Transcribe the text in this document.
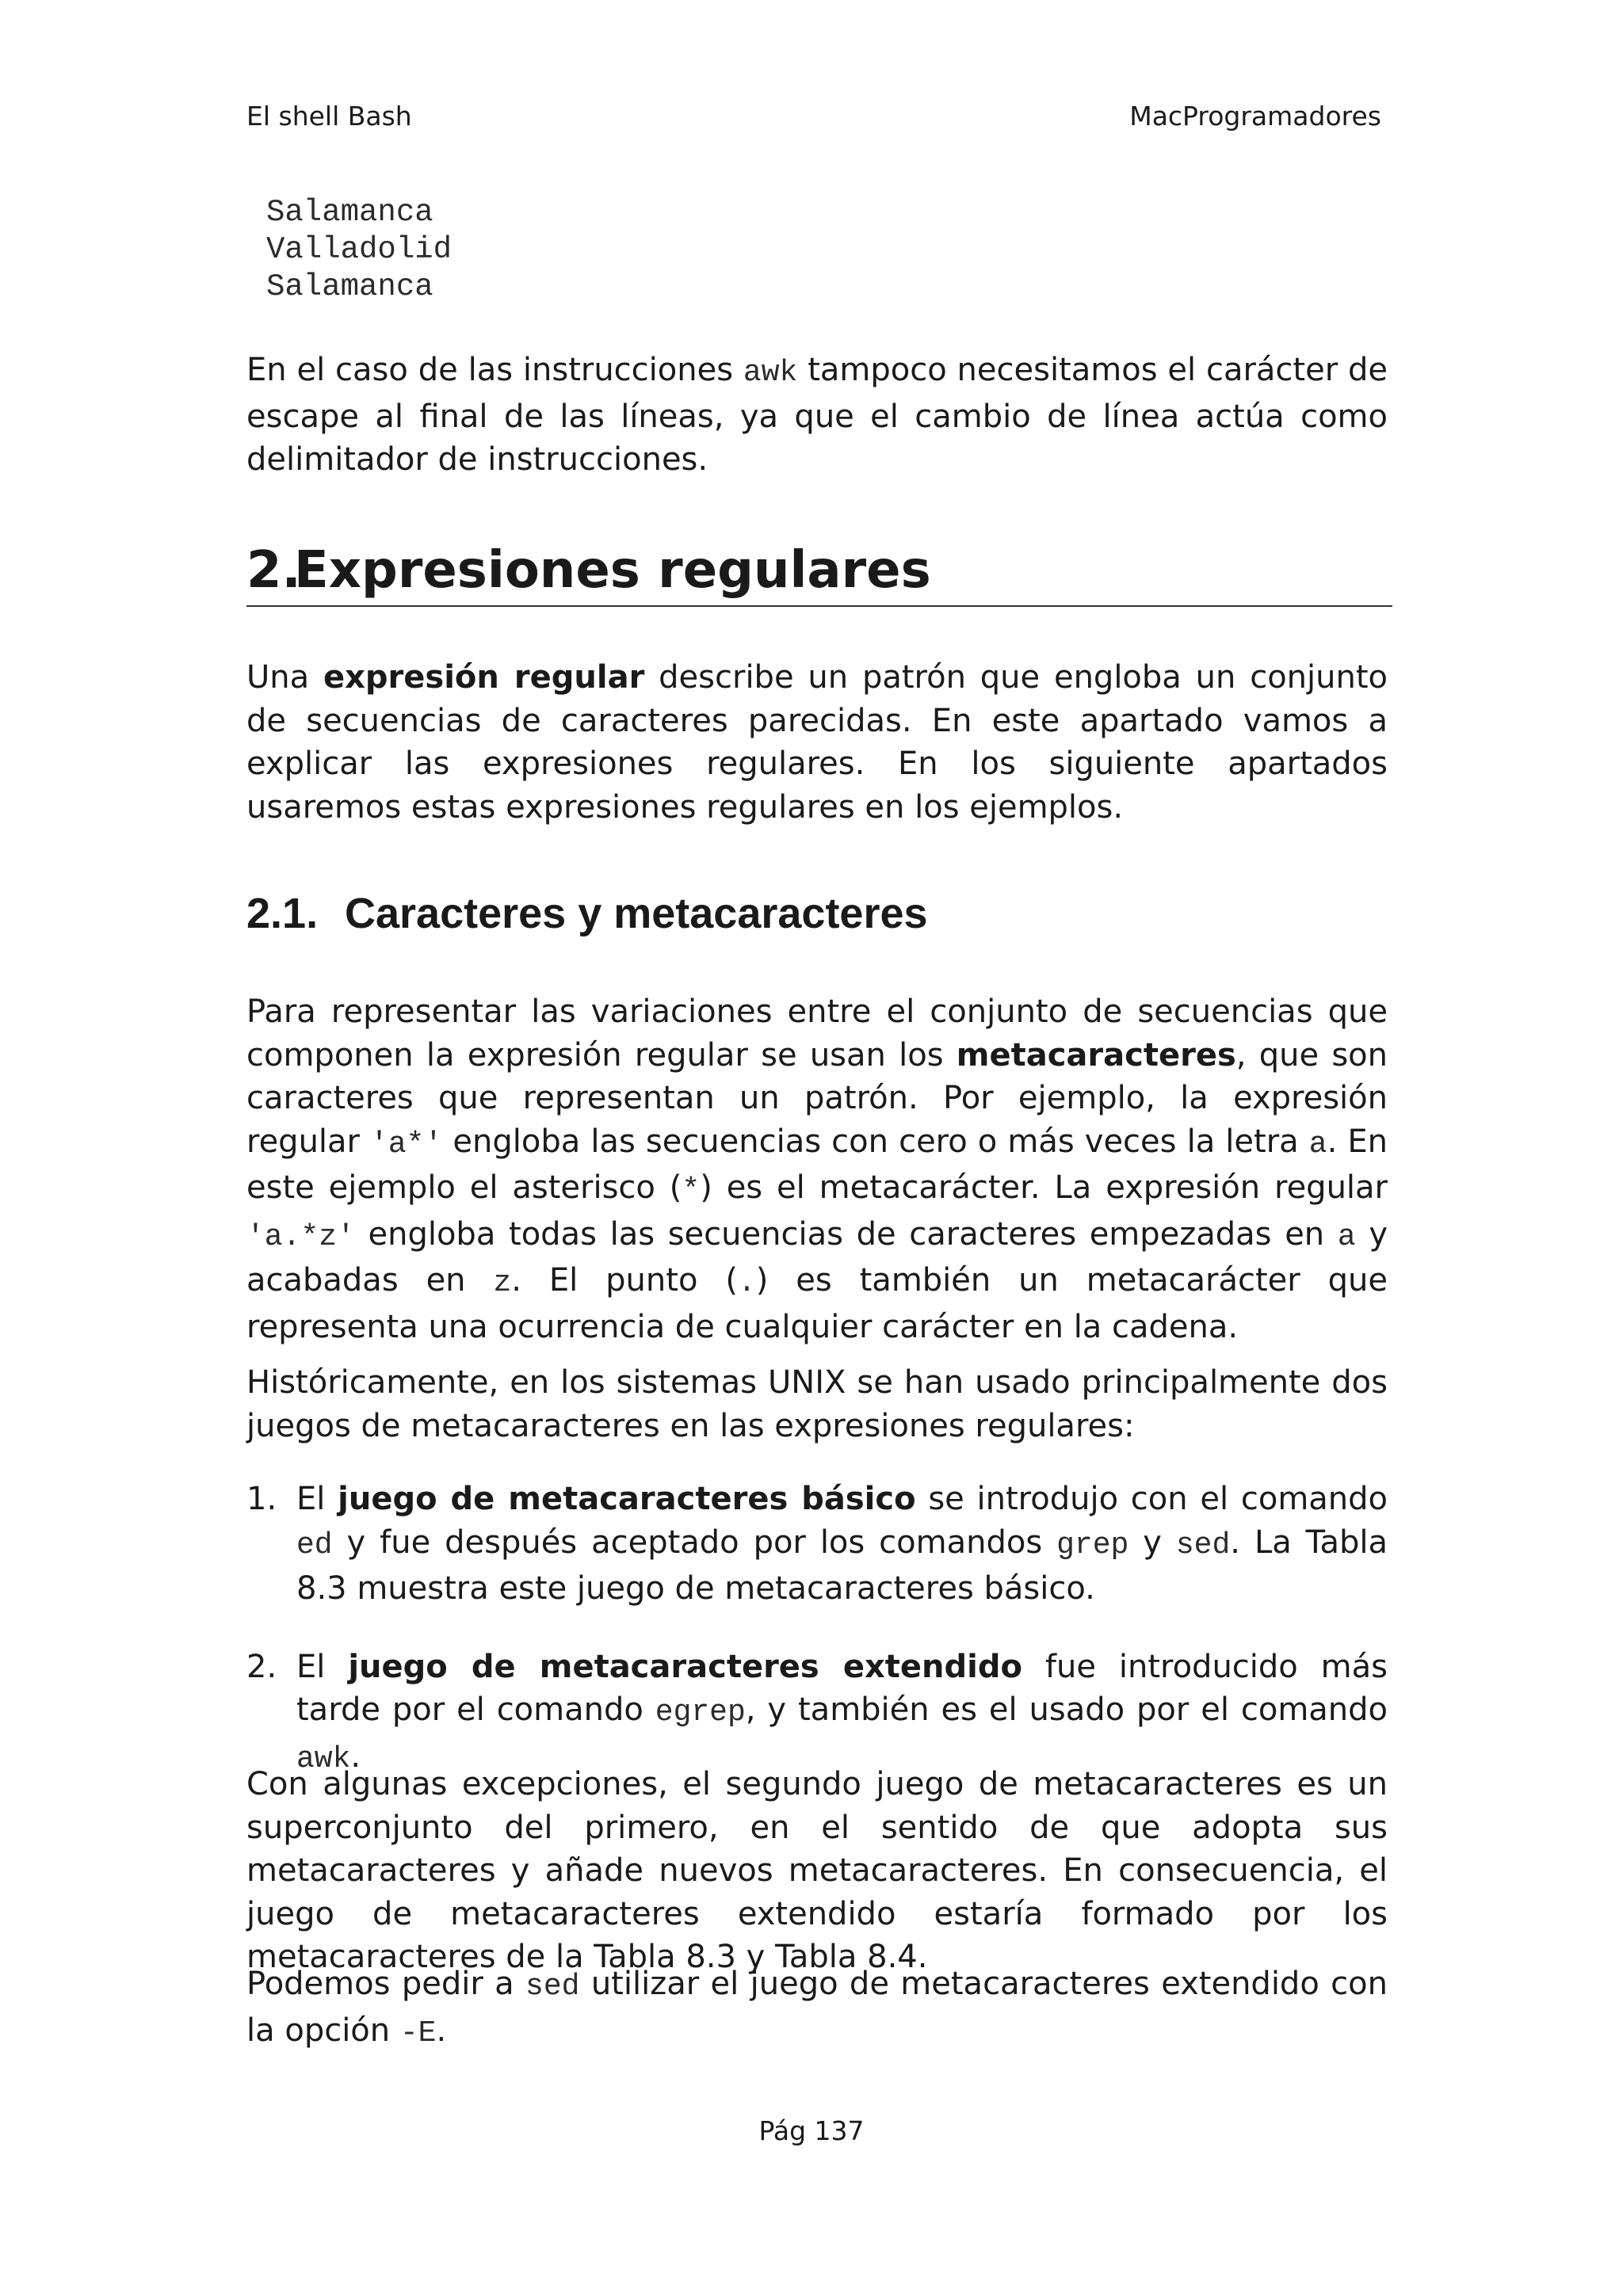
El shell Bash	MacProgramadores
Salamanca
Valladolid
Salamanca

En el caso de las instrucciones awk tampoco necesitamos el carácter de escape al final de las líneas, ya que el cambio de línea actúa como delimitador de instrucciones.

2.Expresiones regulares

Una expresión regular describe un patrón que engloba un conjunto de secuencias de caracteres parecidas. En este apartado vamos a explicar las expresiones regulares. En los siguiente apartados usaremos estas expresiones regulares en los ejemplos.

2.1. Caracteres y metacaracteres

Para representar las variaciones entre el conjunto de secuencias que componen la expresión regular se usan los metacaracteres, que son caracteres que representan un patrón. Por ejemplo, la expresión regular 'a*' engloba las secuencias con cero o más veces la letra a. En este ejemplo el asterisco (*) es el metacarácter. La expresión regular 'a.*z' engloba todas las secuencias de caracteres empezadas en a y acabadas en z. El punto (.) es también un metacarácter que representa una ocurrencia de cualquier carácter en la cadena.

Históricamente, en los sistemas UNIX se han usado principalmente dos juegos de metacaracteres en las expresiones regulares:

1. El juego de metacaracteres básico se introdujo con el comando ed y fue después aceptado por los comandos grep y sed. La Tabla 8.3 muestra este juego de metacaracteres básico.

2. El juego de metacaracteres extendido fue introducido más tarde por el comando egrep, y también es el usado por el comando awk.

Con algunas excepciones, el segundo juego de metacaracteres es un superconjunto del primero, en el sentido de que adopta sus metacaracteres y añade nuevos metacaracteres. En consecuencia, el juego de metacaracteres extendido estaría formado por los metacaracteres de la Tabla 8.3 y Tabla 8.4.

Podemos pedir a sed utilizar el juego de metacaracteres extendido con la opción -E.

Pág 137
